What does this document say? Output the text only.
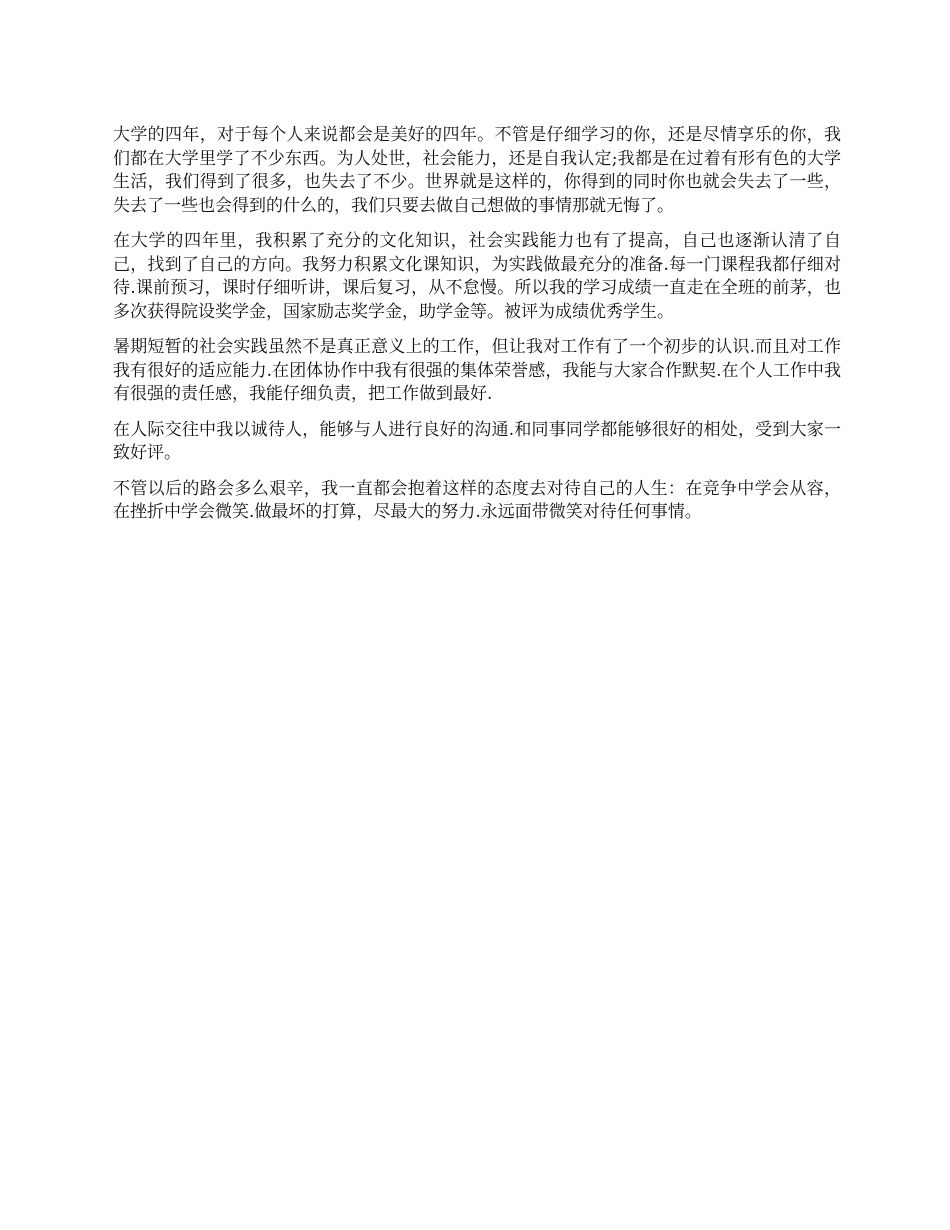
大学的四年，对于每个人来说都会是美好的四年。不管是仔细学习的你，还是尽情享乐的你，我们都在大学里学了不少东西。为人处世，社会能力，还是自我认定;我都是在过着有形有色的大学生活，我们得到了很多，也失去了不少。世界就是这样的，你得到的同时你也就会失去了一些，失去了一些也会得到的什么的，我们只要去做自己想做的事情那就无悔了。

在大学的四年里，我积累了充分的文化知识，社会实践能力也有了提高，自己也逐渐认清了自己，找到了自己的方向。我努力积累文化课知识，为实践做最充分的准备.每一门课程我都仔细对待.课前预习，课时仔细听讲，课后复习，从不怠慢。所以我的学习成绩一直走在全班的前茅，也多次获得院设奖学金，国家励志奖学金，助学金等。被评为成绩优秀学生。

暑期短暂的社会实践虽然不是真正意义上的工作，但让我对工作有了一个初步的认识.而且对工作我有很好的适应能力.在团体协作中我有很强的集体荣誉感，我能与大家合作默契.在个人工作中我有很强的责任感，我能仔细负责，把工作做到最好.

在人际交往中我以诚待人，能够与人进行良好的沟通.和同事同学都能够很好的相处，受到大家一致好评。

不管以后的路会多么艰辛，我一直都会抱着这样的态度去对待自己的人生：在竞争中学会从容，在挫折中学会微笑.做最坏的打算，尽最大的努力.永远面带微笑对待任何事情。
